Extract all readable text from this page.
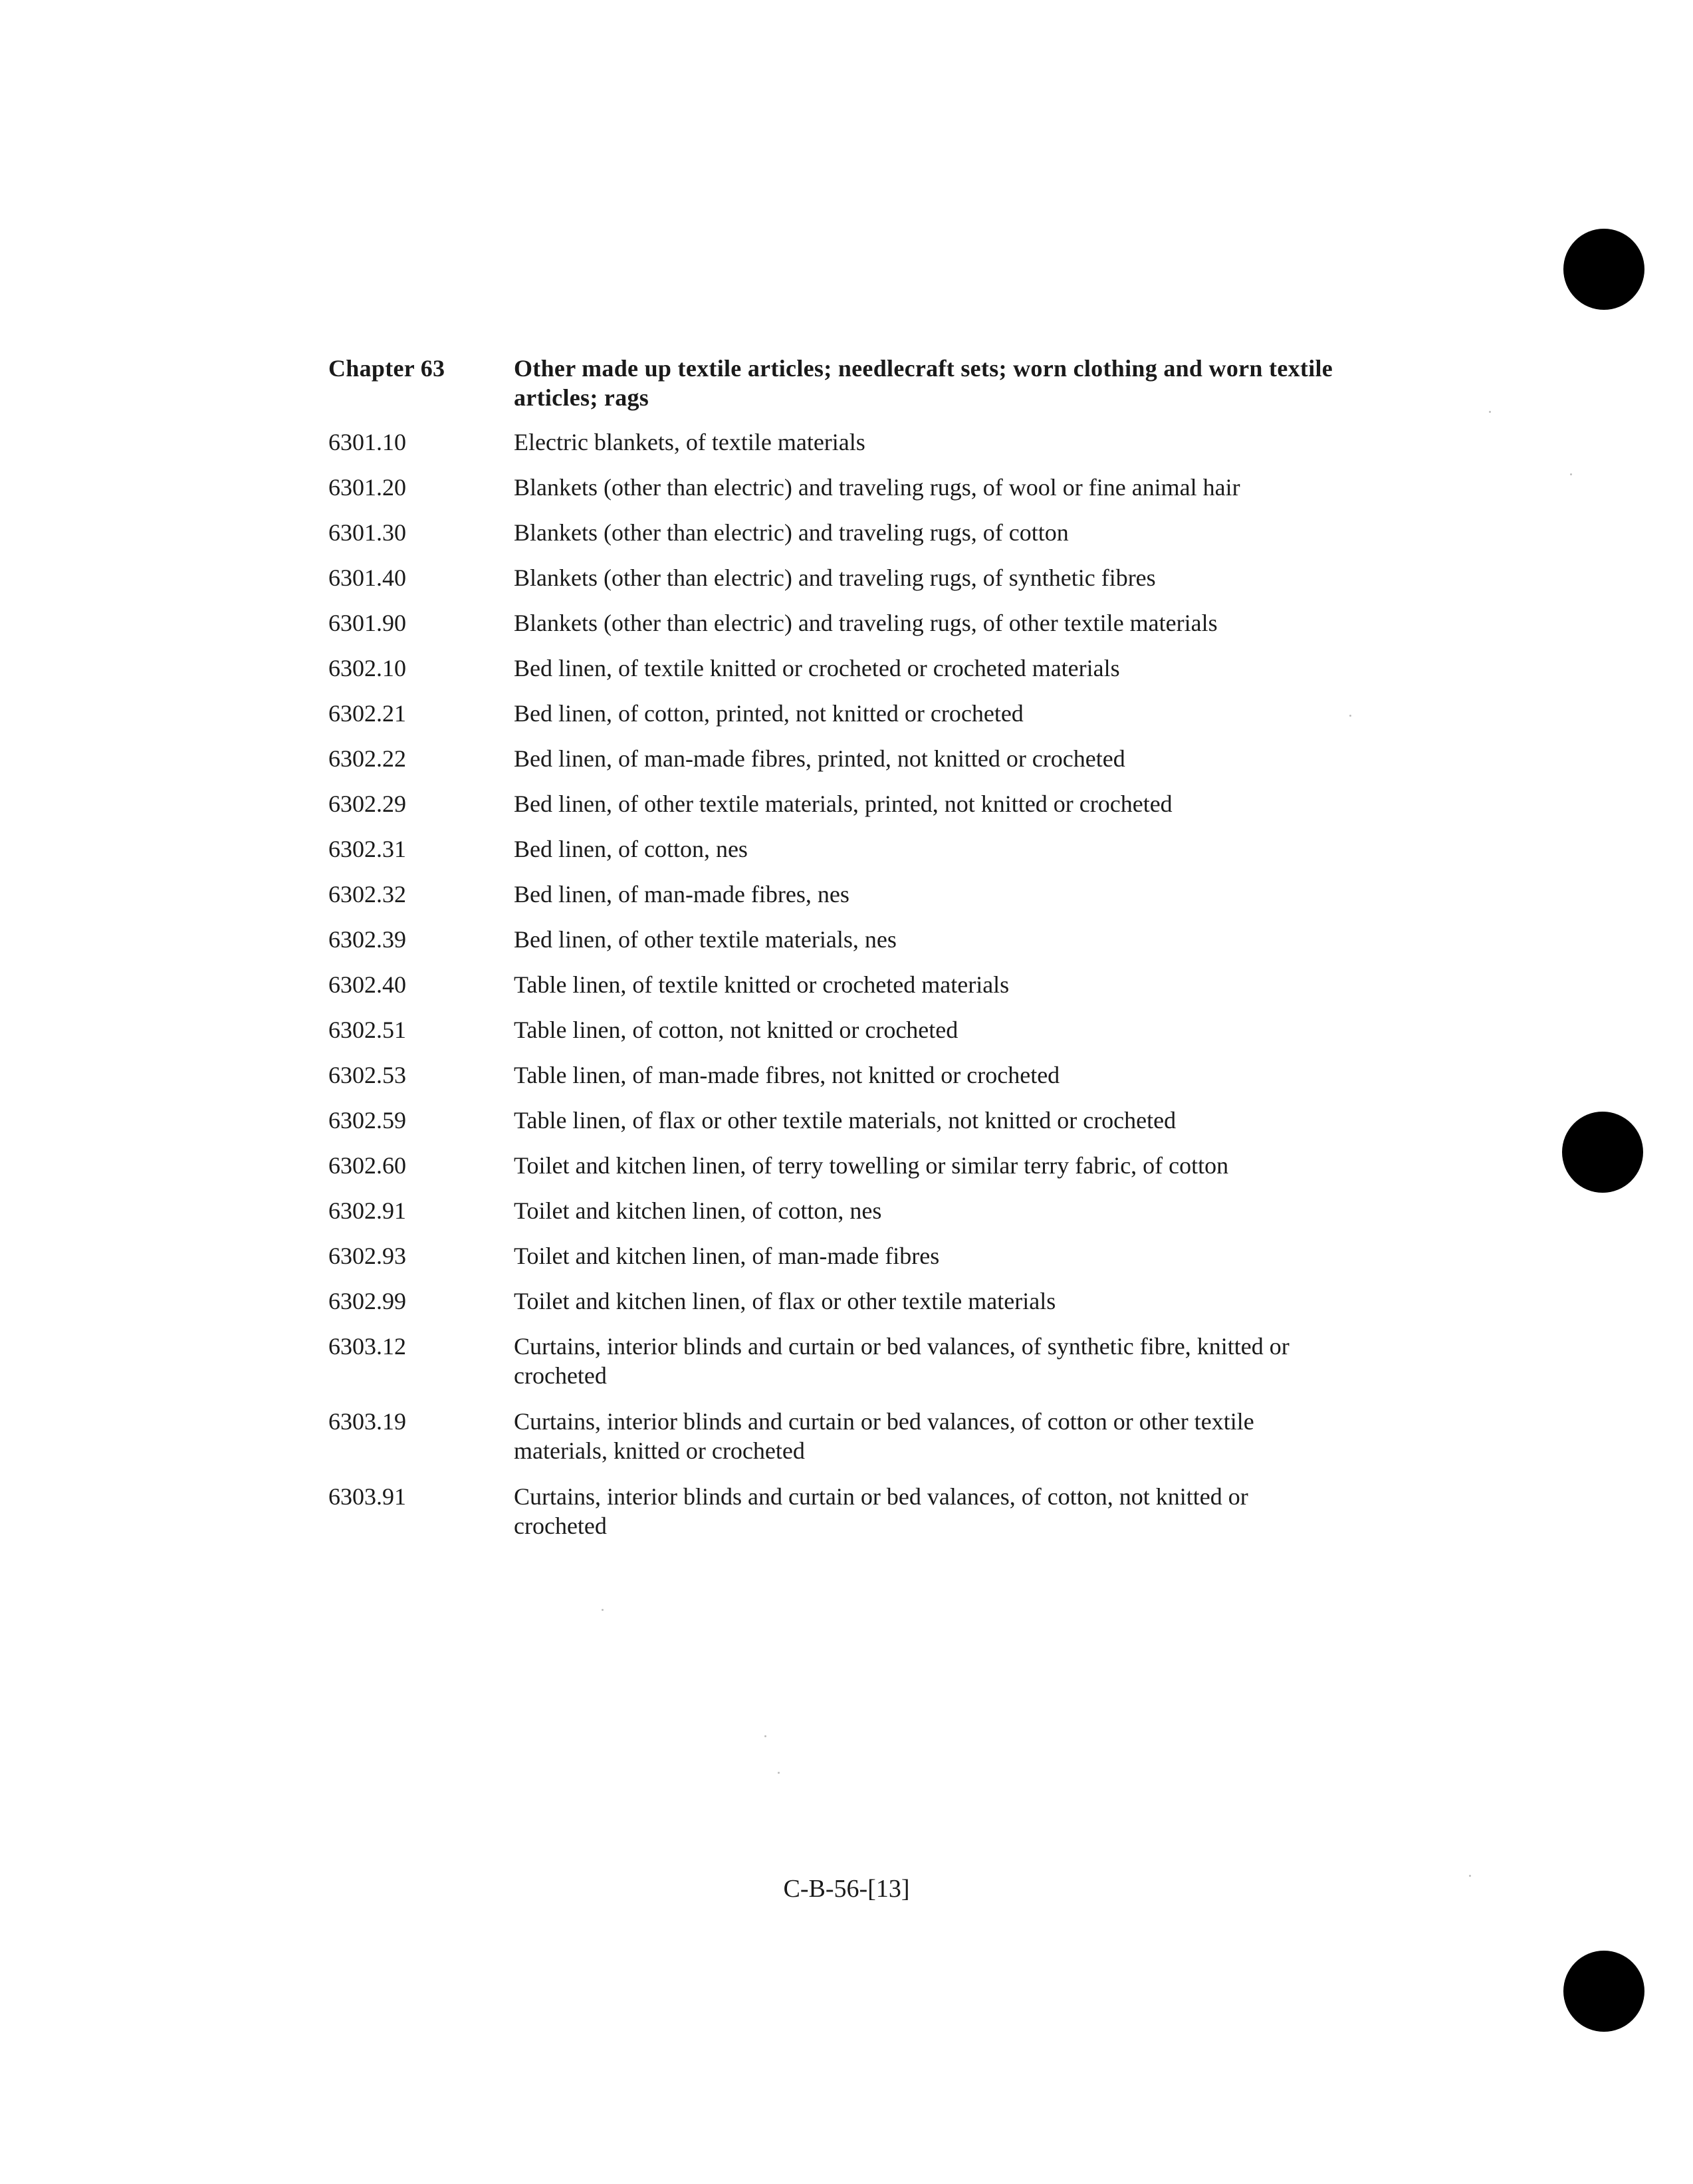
Chapter 63	Other made up textile articles; needlecraft sets; worn clothing and worn textile articles; rags
6301.10	Electric blankets, of textile materials
6301.20	Blankets (other than electric) and traveling rugs, of wool or fine animal hair
6301.30	Blankets (other than electric) and traveling rugs, of cotton
6301.40	Blankets (other than electric) and traveling rugs, of synthetic fibres
6301.90	Blankets (other than electric) and traveling rugs, of other textile materials
6302.10	Bed linen, of textile knitted or crocheted or crocheted materials
6302.21	Bed linen, of cotton, printed, not knitted or crocheted
6302.22	Bed linen, of man-made fibres, printed, not knitted or crocheted
6302.29	Bed linen, of other textile materials, printed, not knitted or crocheted
6302.31	Bed linen, of cotton, nes
6302.32	Bed linen, of man-made fibres, nes
6302.39	Bed linen, of other textile materials, nes
6302.40	Table linen, of textile knitted or crocheted materials
6302.51	Table linen, of cotton, not knitted or crocheted
6302.53	Table linen, of man-made fibres, not knitted or crocheted
6302.59	Table linen, of flax or other textile materials, not knitted or crocheted
6302.60	Toilet and kitchen linen, of terry towelling or similar terry fabric, of cotton
6302.91	Toilet and kitchen linen, of cotton, nes
6302.93	Toilet and kitchen linen, of man-made fibres
6302.99	Toilet and kitchen linen, of flax or other textile materials
6303.12	Curtains, interior blinds and curtain or bed valances, of synthetic fibre, knitted or crocheted
6303.19	Curtains, interior blinds and curtain or bed valances, of cotton or other textile materials, knitted or crocheted
6303.91	Curtains, interior blinds and curtain or bed valances, of cotton, not knitted or crocheted
C-B-56-[13]
